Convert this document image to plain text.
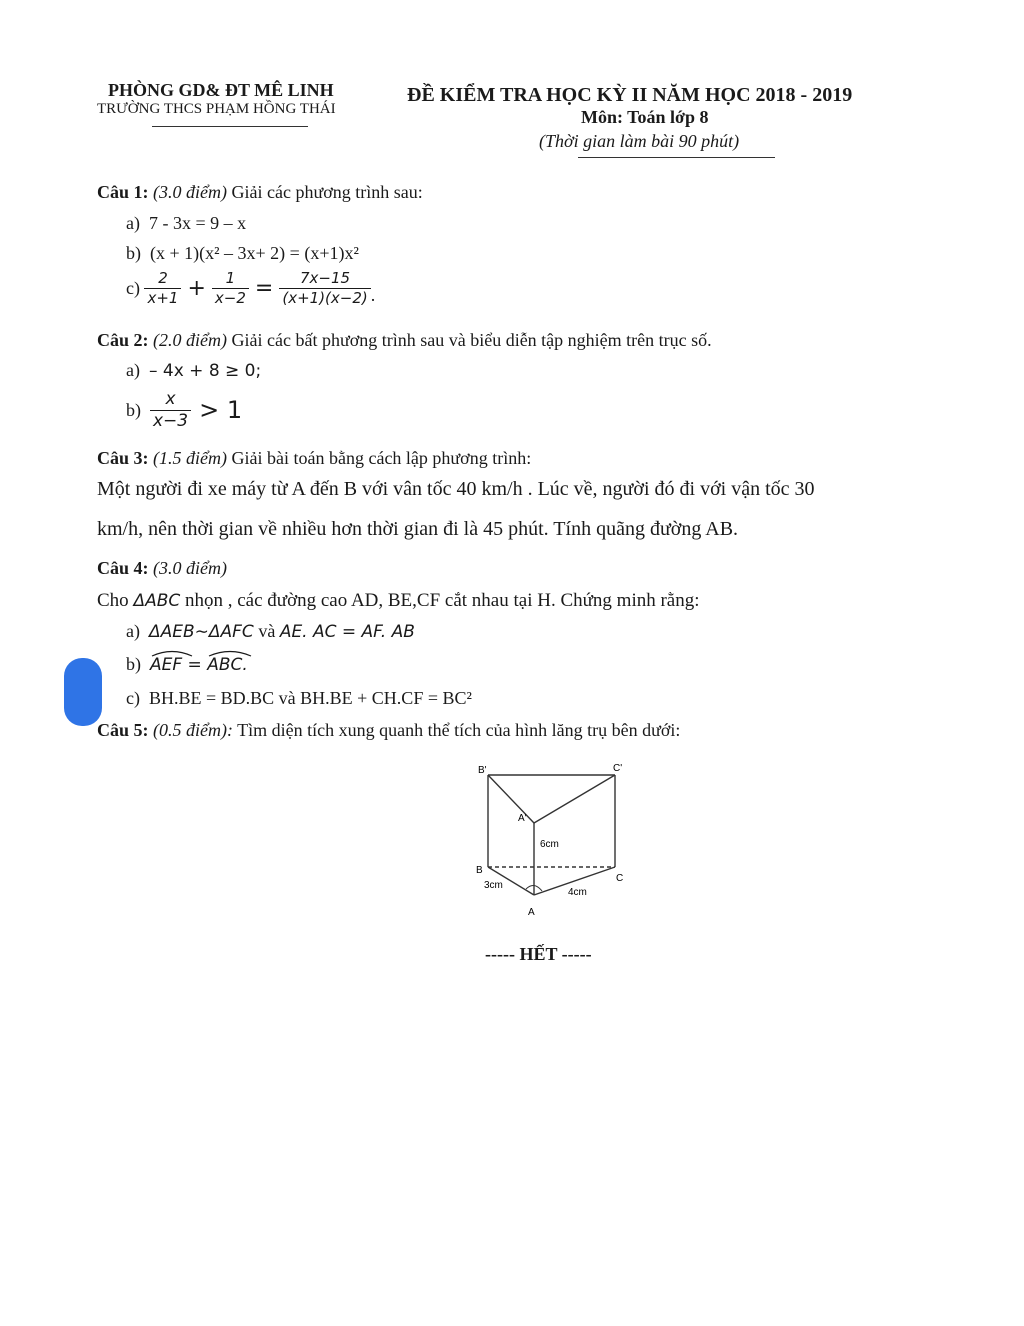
PHÒNG GD& ĐT MÊ LINH
TRƯỜNG THCS PHẠM HỒNG THÁI
ĐỀ KIỂM TRA HỌC KỲ II NĂM HỌC 2018 - 2019
Môn: Toán lớp 8
(Thời gian làm bài 90 phút)
Câu 1: (3.0 điểm) Giải các phương trình sau:
a) 7 - 3x = 9 – x
b) (x + 1)(x² – 3x+ 2) = (x+1)x²
c)
$\frac{2}{x+1} + \frac{1}{x-2} = \frac{7x-15}{(x+1)(x-2)}$ .
Câu 2: (2.0 điểm) Giải các bất phương trình sau và biểu diễn tập nghiệm trên trục số.
a) – 4x + 8 ≥ 0;
b)
$\frac{x}{x-3} > 1$
Câu 3: (1.5 điểm) Giải bài toán bằng cách lập phương trình:
Một người đi xe máy từ A đến B với vân tốc 40 km/h . Lúc về, người đó đi với vận tốc 30
km/h, nên thời gian về nhiều hơn thời gian đi là 45 phút. Tính quãng đường AB.
Câu 4: (3.0 điểm)
Cho ΔABC nhọn , các đường cao AD, BE,CF cắt nhau tại H. Chứng minh rằng:
a) ΔAEB∼ΔAFC và AE. AC = AF. AB
b) AEF =
ABC.
c) BH.BE = BD.BC và BH.BE + CH.CF = BC²
Câu 5: (0.5 điểm): Tìm diện tích xung quanh thể tích của hình lăng trụ bên dưới:
B'	C'
A'
6cm
B
C
3cm
4cm
A
----- HẾT -----
